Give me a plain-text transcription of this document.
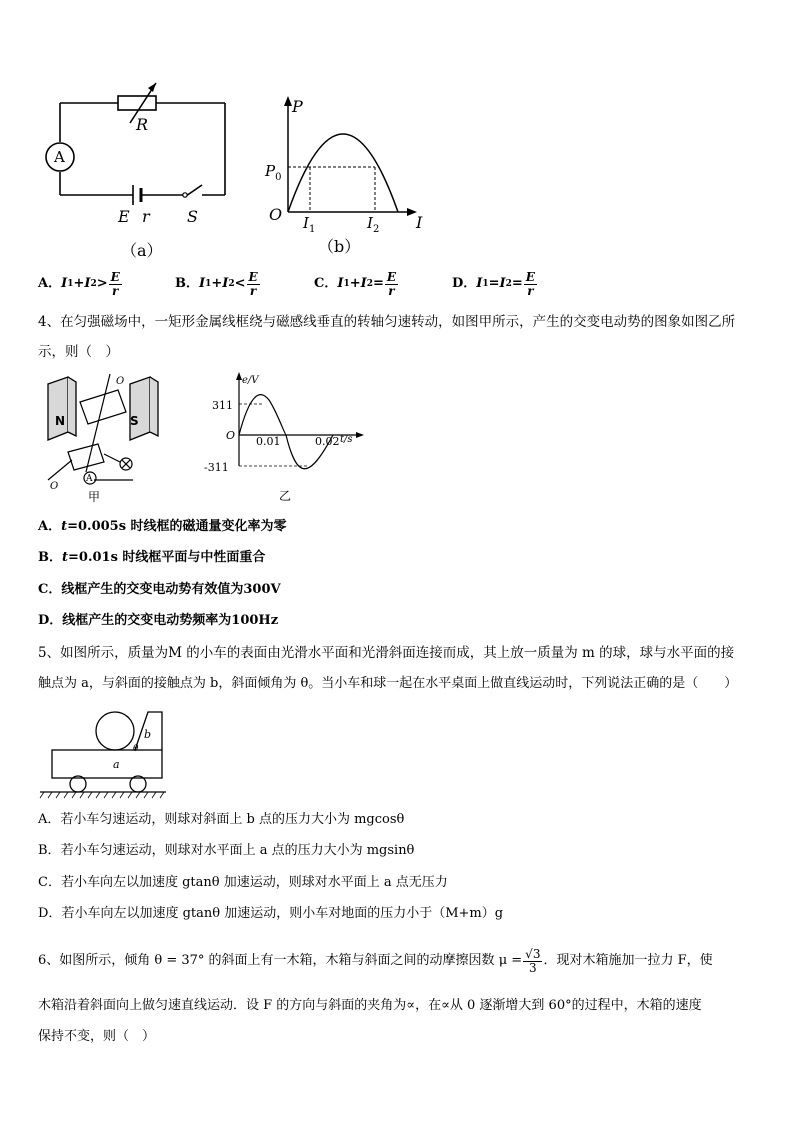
R
A
E r S
（a）
P
$P_0$
O $I_1$	$I_2$ I
（b）
A． I 1 +I $2 > \frac{E}{r}$	B． I 1 +I $2 < \frac{E}{r}$	C． I 1 +I $2 = \frac{E}{r}$	D． I 1 =I $2 = \frac{E}{r}$
4、在匀强磁场中，一矩形金属线框绕与磁感线垂直的转轴匀速转动，如图甲所示，产生的交变电动势的图象如图乙所
示，则（　）
N	S
O
O
A
甲
e/V
311
O 0.01	0.02 t/s
-311
乙
A．t=0.005s 时线框的磁通量变化率为零
B．t=0.01s 时线框平面与中性面重合
C．线框产生的交变电动势有效值为300V
D．线框产生的交变电动势频率为100Hz
5、如图所示，质量为M 的小车的表面由光滑水平面和光滑斜面连接而成，其上放一质量为 m 的球，球与水平面的接
触点为 a，与斜面的接触点为 b，斜面倾角为 θ。当小车和球一起在水平桌面上做直线运动时，下列说法正确的是（　　）
b
θ
a
A．若小车匀速运动，则球对斜面上 b 点的压力大小为 mgcosθ
B．若小车匀速运动，则球对水平面上 a 点的压力大小为 mgsinθ
C．若小车向左以加速度 gtanθ 加速运动，则球对水平面上 a 点无压力
D．若小车向左以加速度 gtanθ 加速运动，则小车对地面的压力小于（M+m）g
6、如图所示，倾角 θ = 37° 的斜面上有一木箱，木箱与斜面之间的动摩擦因数 $\mu = \frac{√3}{3}$ ．现对木箱施加一拉力 F，使
木箱沿着斜面向上做匀速直线运动．设 F 的方向与斜面的夹角为∝，在∝从 0 逐渐增大到 60°的过程中，木箱的速度
保持不变，则（　）
